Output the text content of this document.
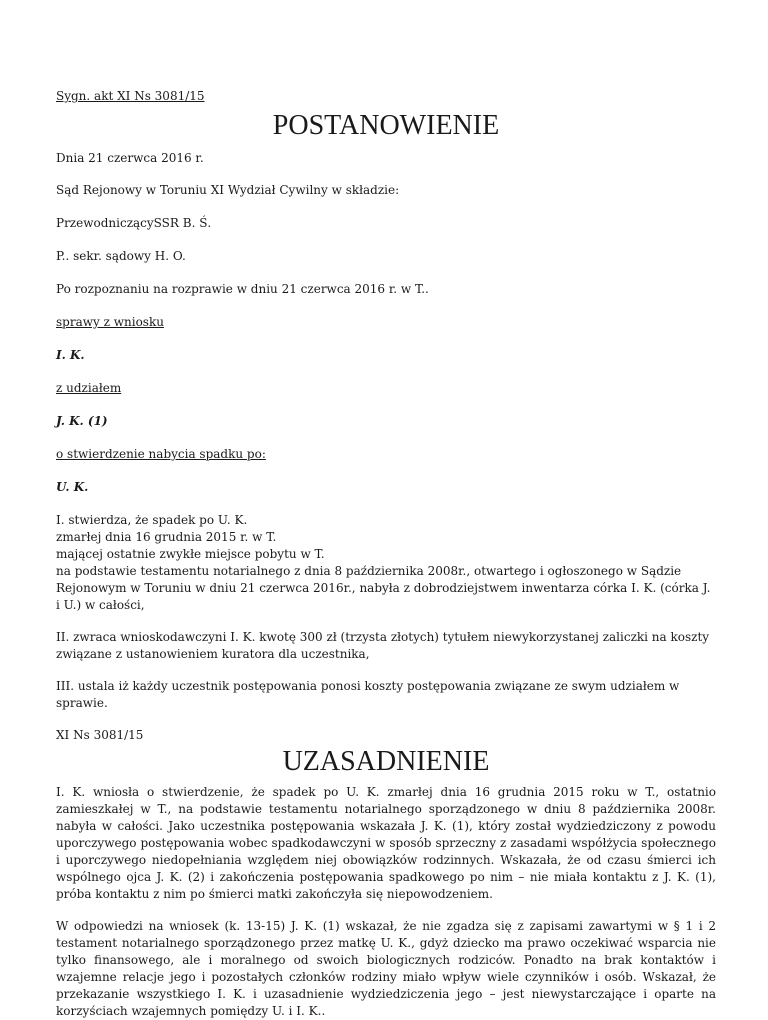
Sygn. akt XI Ns 3081/15

POSTANOWIENIE

Dnia 21 czerwca 2016 r.

Sąd Rejonowy w Toruniu XI Wydział Cywilny w składzie:

PrzewodniczącySSR B. Ś.

P.. sekr. sądowy H. O.

Po rozpoznaniu na rozprawie w dniu 21 czerwca 2016 r. w T..

sprawy z wniosku

I. K.

z udziałem

J. K. (1)

o stwierdzenie nabycia spadku po:

U. K.

I. stwierdza, że spadek po U. K.
zmarłej dnia 16 grudnia 2015 r. w T.
mającej ostatnie zwykłe miejsce pobytu w T.
na podstawie testamentu notarialnego z dnia 8 października 2008r., otwartego i ogłoszonego w Sądzie Rejonowym w Toruniu w dniu 21 czerwca 2016r., nabyła z dobrodziejstwem inwentarza córka I. K. (córka J. i U.) w całości,

II. zwraca wnioskodawczyni I. K. kwotę 300 zł (trzysta złotych) tytułem niewykorzystanej zaliczki na koszty związane z ustanowieniem kuratora dla uczestnika,

III. ustala iż każdy uczestnik postępowania ponosi koszty postępowania związane ze swym udziałem w sprawie.

XI Ns 3081/15

UZASADNIENIE

I. K. wniosła o stwierdzenie, że spadek po U. K. zmarłej dnia 16 grudnia 2015 roku w T., ostatnio zamieszkałej w T., na podstawie testamentu notarialnego sporządzonego w dniu 8 października 2008r. nabyła w całości. Jako uczestnika postępowania wskazała J. K. (1), który został wydziedziczony z powodu uporczywego postępowania wobec spadkodawczyni w sposób sprzeczny z zasadami współżycia społecznego i uporczywego niedopełniania względem niej obowiązków rodzinnych. Wskazała, że od czasu śmierci ich wspólnego ojca J. K. (2) i zakończenia postępowania spadkowego po nim – nie miała kontaktu z J. K. (1), próba kontaktu z nim po śmierci matki zakończyła się niepowodzeniem.

W odpowiedzi na wniosek (k. 13-15) J. K. (1) wskazał, że nie zgadza się z zapisami zawartymi w § 1 i 2 testament notarialnego sporządzonego przez matkę U. K., gdyż dziecko ma prawo oczekiwać wsparcia nie tylko finansowego, ale i moralnego od swoich biologicznych rodziców. Ponadto na brak kontaktów i wzajemne relacje jego i pozostałych członków rodziny miało wpływ wiele czynników i osób. Wskazał, że przekazanie wszystkiego I. K. i uzasadnienie wydziedziczenia jego – jest niewystarczające i oparte na korzyściach wzajemnych pomiędzy U. i I. K..
